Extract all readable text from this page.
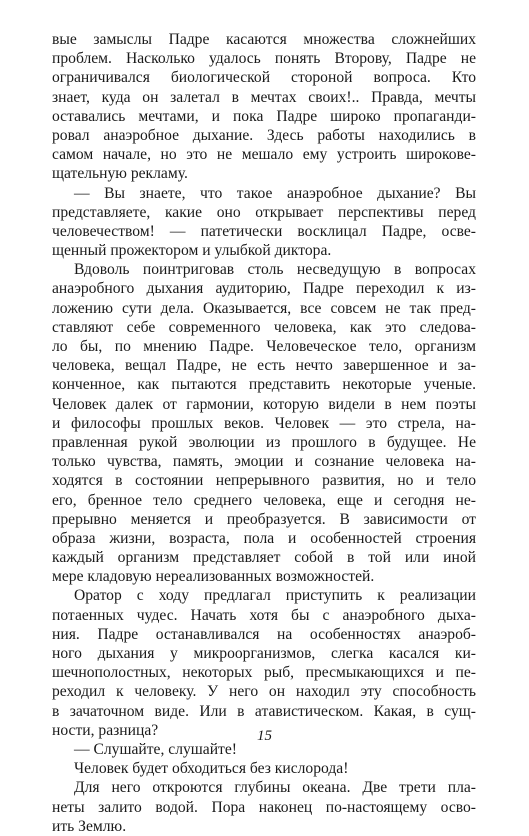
вые замыслы Падре касаются множества сложнейших
проблем. Насколько удалось понять Второву, Падре не
ограничивался биологической стороной вопроса. Кто
знает, куда он залетал в мечтах своих!.. Правда, мечты
оставались мечтами, и пока Падре широко пропаганди-
ровал анаэробное дыхание. Здесь работы находились в
самом начале, но это не мешало ему устроить широкове-
щательную рекламу.
— Вы знаете, что такое анаэробное дыхание? Вы
представляете, какие оно открывает перспективы перед
человечеством! — патетически восклицал Падре, осве-
щенный прожектором и улыбкой диктора.
Вдоволь поинтриговав столь несведущую в вопросах
анаэробного дыхания аудиторию, Падре переходил к из-
ложению сути дела. Оказывается, все совсем не так пред-
ставляют себе современного человека, как это следова-
ло бы, по мнению Падре. Человеческое тело, организм
человека, вещал Падре, не есть нечто завершенное и за-
конченное, как пытаются представить некоторые ученые.
Человек далек от гармонии, которую видели в нем поэты
и философы прошлых веков. Человек — это стрела, на-
правленная рукой эволюции из прошлого в будущее. Не
только чувства, память, эмоции и сознание человека на-
ходятся в состоянии непрерывного развития, но и тело
его, бренное тело среднего человека, еще и сегодня не-
прерывно меняется и преобразуется. В зависимости от
образа жизни, возраста, пола и особенностей строения
каждый организм представляет собой в той или иной
мере кладовую нереализованных возможностей.
Оратор с ходу предлагал приступить к реализации
потаенных чудес. Начать хотя бы с анаэробного дыха-
ния. Падре останавливался на особенностях анаэроб-
ного дыхания у микроорганизмов, слегка касался ки-
шечнополостных, некоторых рыб, пресмыкающихся и пе-
реходил к человеку. У него он находил эту способность
в зачаточном виде. Или в атавистическом. Какая, в сущ-
ности, разница?
— Слушайте, слушайте!
Человек будет обходиться без кислорода!
Для него откроются глубины океана. Две трети пла-
неты залито водой. Пора наконец по-настоящему осво-
ить Землю.
15
